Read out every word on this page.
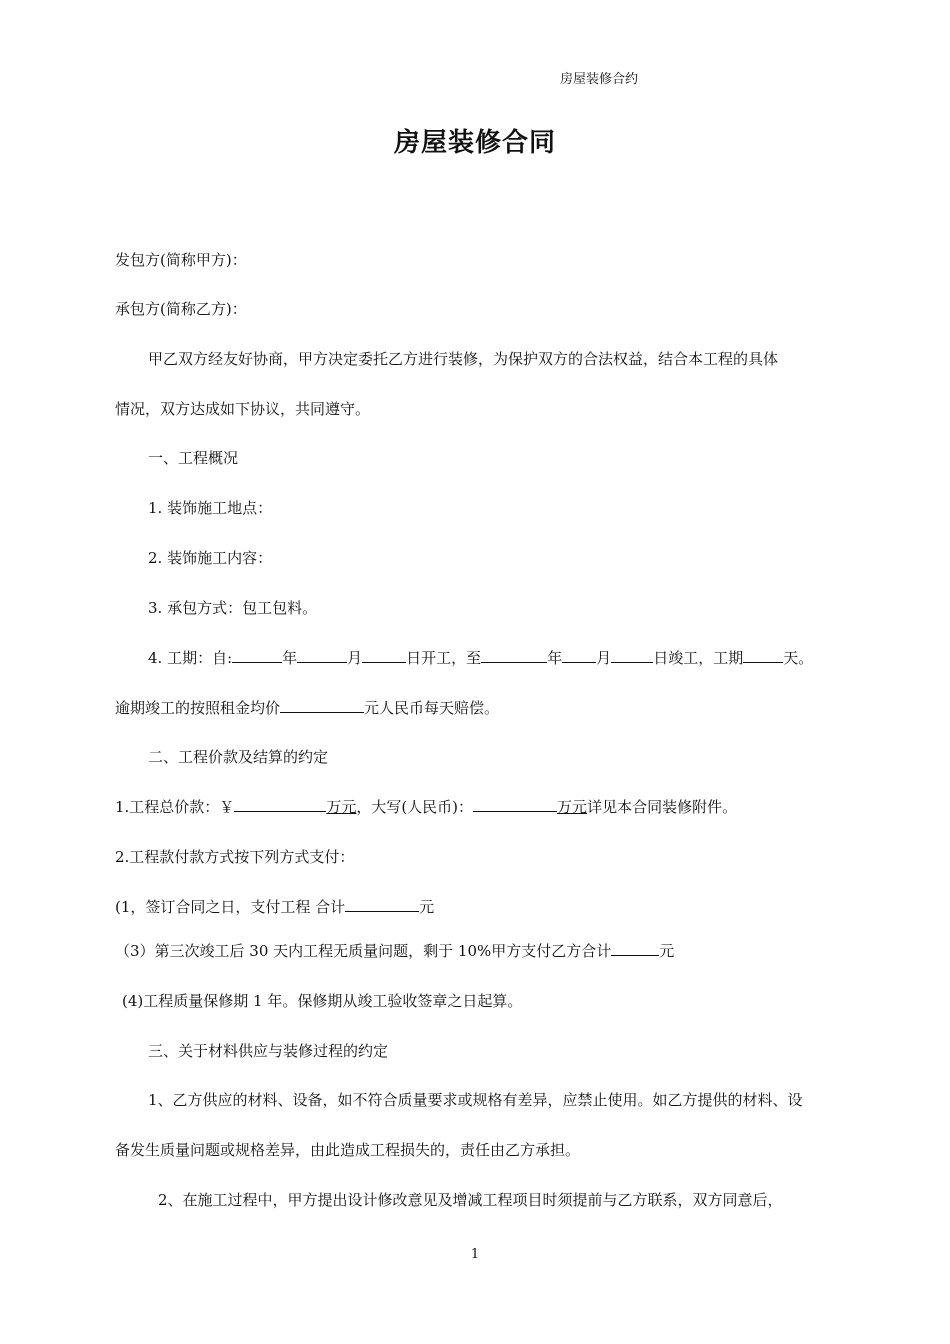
房屋装修合约
房屋装修合同
发包方(简称甲方)：
承包方(简称乙方)：
甲乙双方经友好协商，甲方决定委托乙方进行装修，为保护双方的合法权益，结合本工程的具体
情况，双方达成如下协议，共同遵守。
一、工程概况
1. 装饰施工地点：
2. 装饰施工内容：
3. 承包方式：包工包料。
4. 工期：自:	年	月	日开工，至	年 月	日竣工，工期	天。
逾期竣工的按照租金均价	元人民币每天赔偿。
二、工程价款及结算的约定
1.工程总价款：￥	万元，大写(人民币)：	万元详见本合同装修附件。
2.工程款付款方式按下列方式支付：
(1，签订合同之日，支付工程 合计	元
（3）第三次竣工后 30 天内工程无质量问题，剩于 10%甲方支付乙方合计	元
(4)工程质量保修期 1 年。保修期从竣工验收签章之日起算。
三、关于材料供应与装修过程的约定
1、乙方供应的材料、设备，如不符合质量要求或规格有差异，应禁止使用。如乙方提供的材料、设
备发生质量问题或规格差异，由此造成工程损失的，责任由乙方承担。
2、在施工过程中，甲方提出设计修改意见及增减工程项目时须提前与乙方联系，双方同意后，
1
